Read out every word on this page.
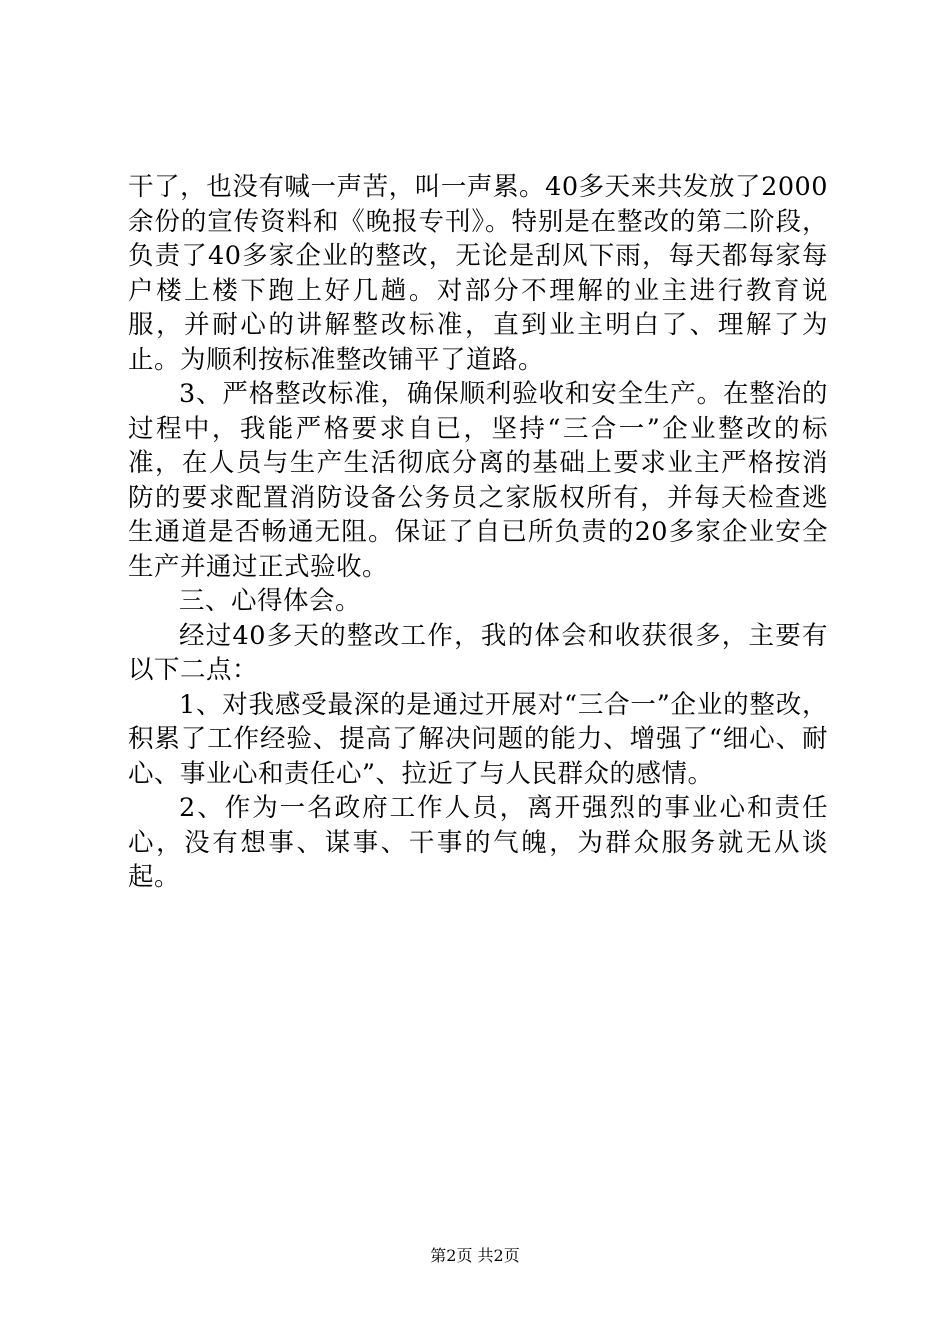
干了，也没有喊一声苦，叫一声累。40多天来共发放了2000余份的宣传资料和《晚报专刊》。特别是在整改的第二阶段，负责了40多家企业的整改，无论是刮风下雨，每天都每家每户楼上楼下跑上好几趟。对部分不理解的业主进行教育说服，并耐心的讲解整改标准，直到业主明白了、理解了为止。为顺利按标准整改铺平了道路。

3、严格整改标准，确保顺利验收和安全生产。在整治的过程中，我能严格要求自已，坚持“三合一”企业整改的标准，在人员与生产生活彻底分离的基础上要求业主严格按消防的要求配置消防设备公务员之家版权所有，并每天检查逃生通道是否畅通无阻。保证了自已所负责的20多家企业安全生产并通过正式验收。

三、心得体会。

经过40多天的整改工作，我的体会和收获很多，主要有以下二点：

1、对我感受最深的是通过开展对“三合一”企业的整改，积累了工作经验、提高了解决问题的能力、增强了“细心、耐心、事业心和责任心”、拉近了与人民群众的感情。

2、作为一名政府工作人员，离开强烈的事业心和责任心，没有想事、谋事、干事的气魄，为群众服务就无从谈起。

第2页 共2页
